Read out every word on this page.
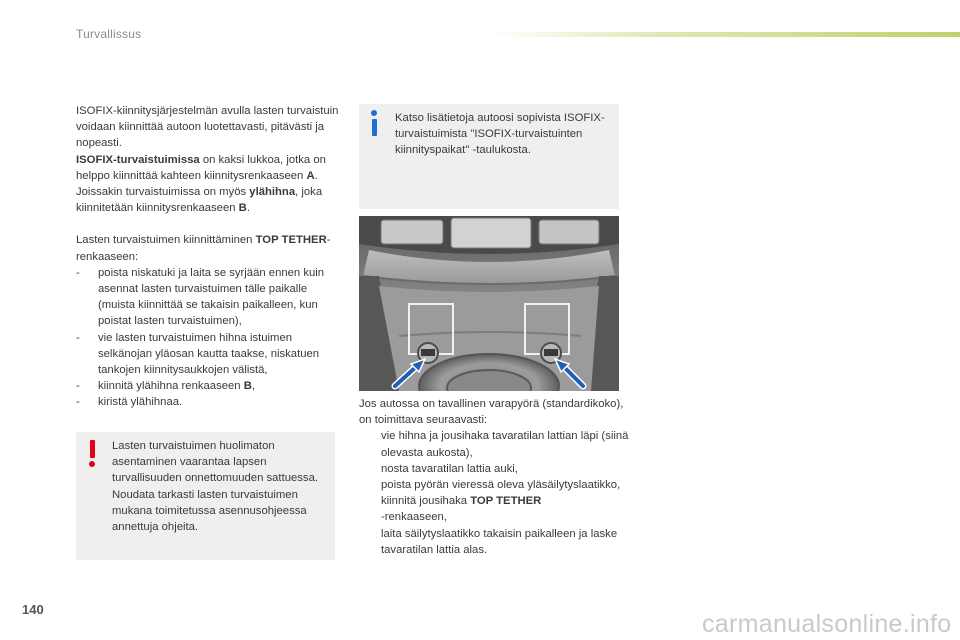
Turvallissus

ISOFIX-kiinnitysjärjestelmän avulla lasten turvaistuin voidaan kiinnittää autoon luotettavasti, pitävästi ja nopeasti.
ISOFIX-turvaistuimissa on kaksi lukkoa, jotka on helppo kiinnittää kahteen kiinnitysrenkaaseen A.
Joissakin turvaistuimissa on myös ylähihna, joka kiinnitetään kiinnitysrenkaaseen B.

Lasten turvaistuimen kiinnittäminen TOP TETHER-renkaaseen:

- poista niskatuki ja laita se syrjään ennen kuin asennat lasten turvaistuimen tälle paikalle (muista kiinnittää se takaisin paikalleen, kun poistat lasten turvaistuimen),
- vie lasten turvaistuimen hihna istuimen selkänojan yläosan kautta taakse, niskatuen tankojen kiinnitysaukkojen välistä,
- kiinnitä ylähihna renkaaseen B,
- kiristä ylähihnaa.
Lasten turvaistuimen huolimaton asentaminen vaarantaa lapsen turvallisuuden onnettomuuden sattuessa.
Noudata tarkasti lasten turvaistuimen mukana toimitetussa asennusohjeessa annettuja ohjeita.
Katso lisätietoja autoosi sopivista ISOFIX-turvaistuimista "ISOFIX-turvaistuinten kiinnityspaikat" -taulukosta.

Jos autossa on tavallinen varapyörä (standardikoko), on toimittava seuraavasti:

vie hihna ja jousihaka tavaratilan lattian läpi (siinä olevasta aukosta),
nosta tavaratilan lattia auki,
poista pyörän vieressä oleva yläsäilytyslaatikko,
kiinnitä jousihaka TOP TETHER
-renkaaseen,
laita säilytyslaatikko takaisin paikalleen ja laske tavaratilan lattia alas.
140
carmanualsonline.info
